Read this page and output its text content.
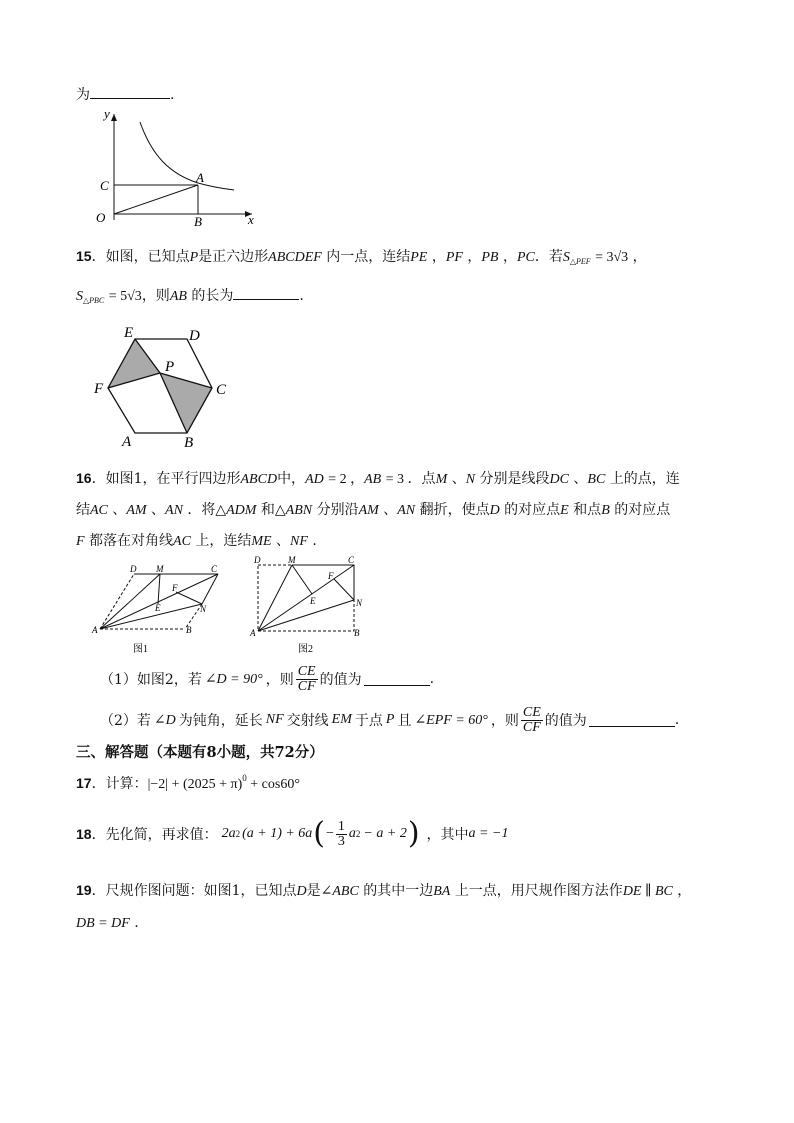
为	.
y
x
O
A
B
C
15．如图，已知点P是正六边形ABCDEF 内一点，连结PE ，PF ，PB ，PC．若$S_{\triangle PEF} = 3√3$ ，
$S_{\triangle PBC} = 5√3$，则AB 的长为	.
E	D
F
P
C
A	B
16．如图1，在平行四边形ABCD中，AD = 2 ，AB = 3 ．点M 、N 分别是线段DC 、BC 上的点，连
结AC 、AM 、AN ．将△ADM 和△ABN 分别沿AM 、AN 翻折，使点D 的对应点E 和点B 的对应点
F 都落在对角线AC 上，连结ME 、NF .
D M	C
F
E	N
A	B
图1
D	M	C
F
E	N
A	B
图2
（1）如图2，若 ∠D = 90° ，则 $\frac{CE}{CF}$ 的值为	.
（2）若 ∠D 为钝角，延长 NF 交射线 EM 于点 P 且 ∠EPF = 60° ，则 $\frac{CE}{CF}$ 的值为	.
三、解答题（本题有8小题，共72分）
17．计算：$|-2| + (2025 + \pi)^0 + \cos 60^\circ$
18 ．先化简，再求值： 2a 2 (a + 1) + 6a ( − $\frac{1}{3}$ a 2 − a + 2 ) ，其中 a = −1
19．尺规作图问题：如图1，已知点D是∠ABC 的其中一边BA 上一点，用尺规作图方法作DE ∥ BC ，
DB = DF .
